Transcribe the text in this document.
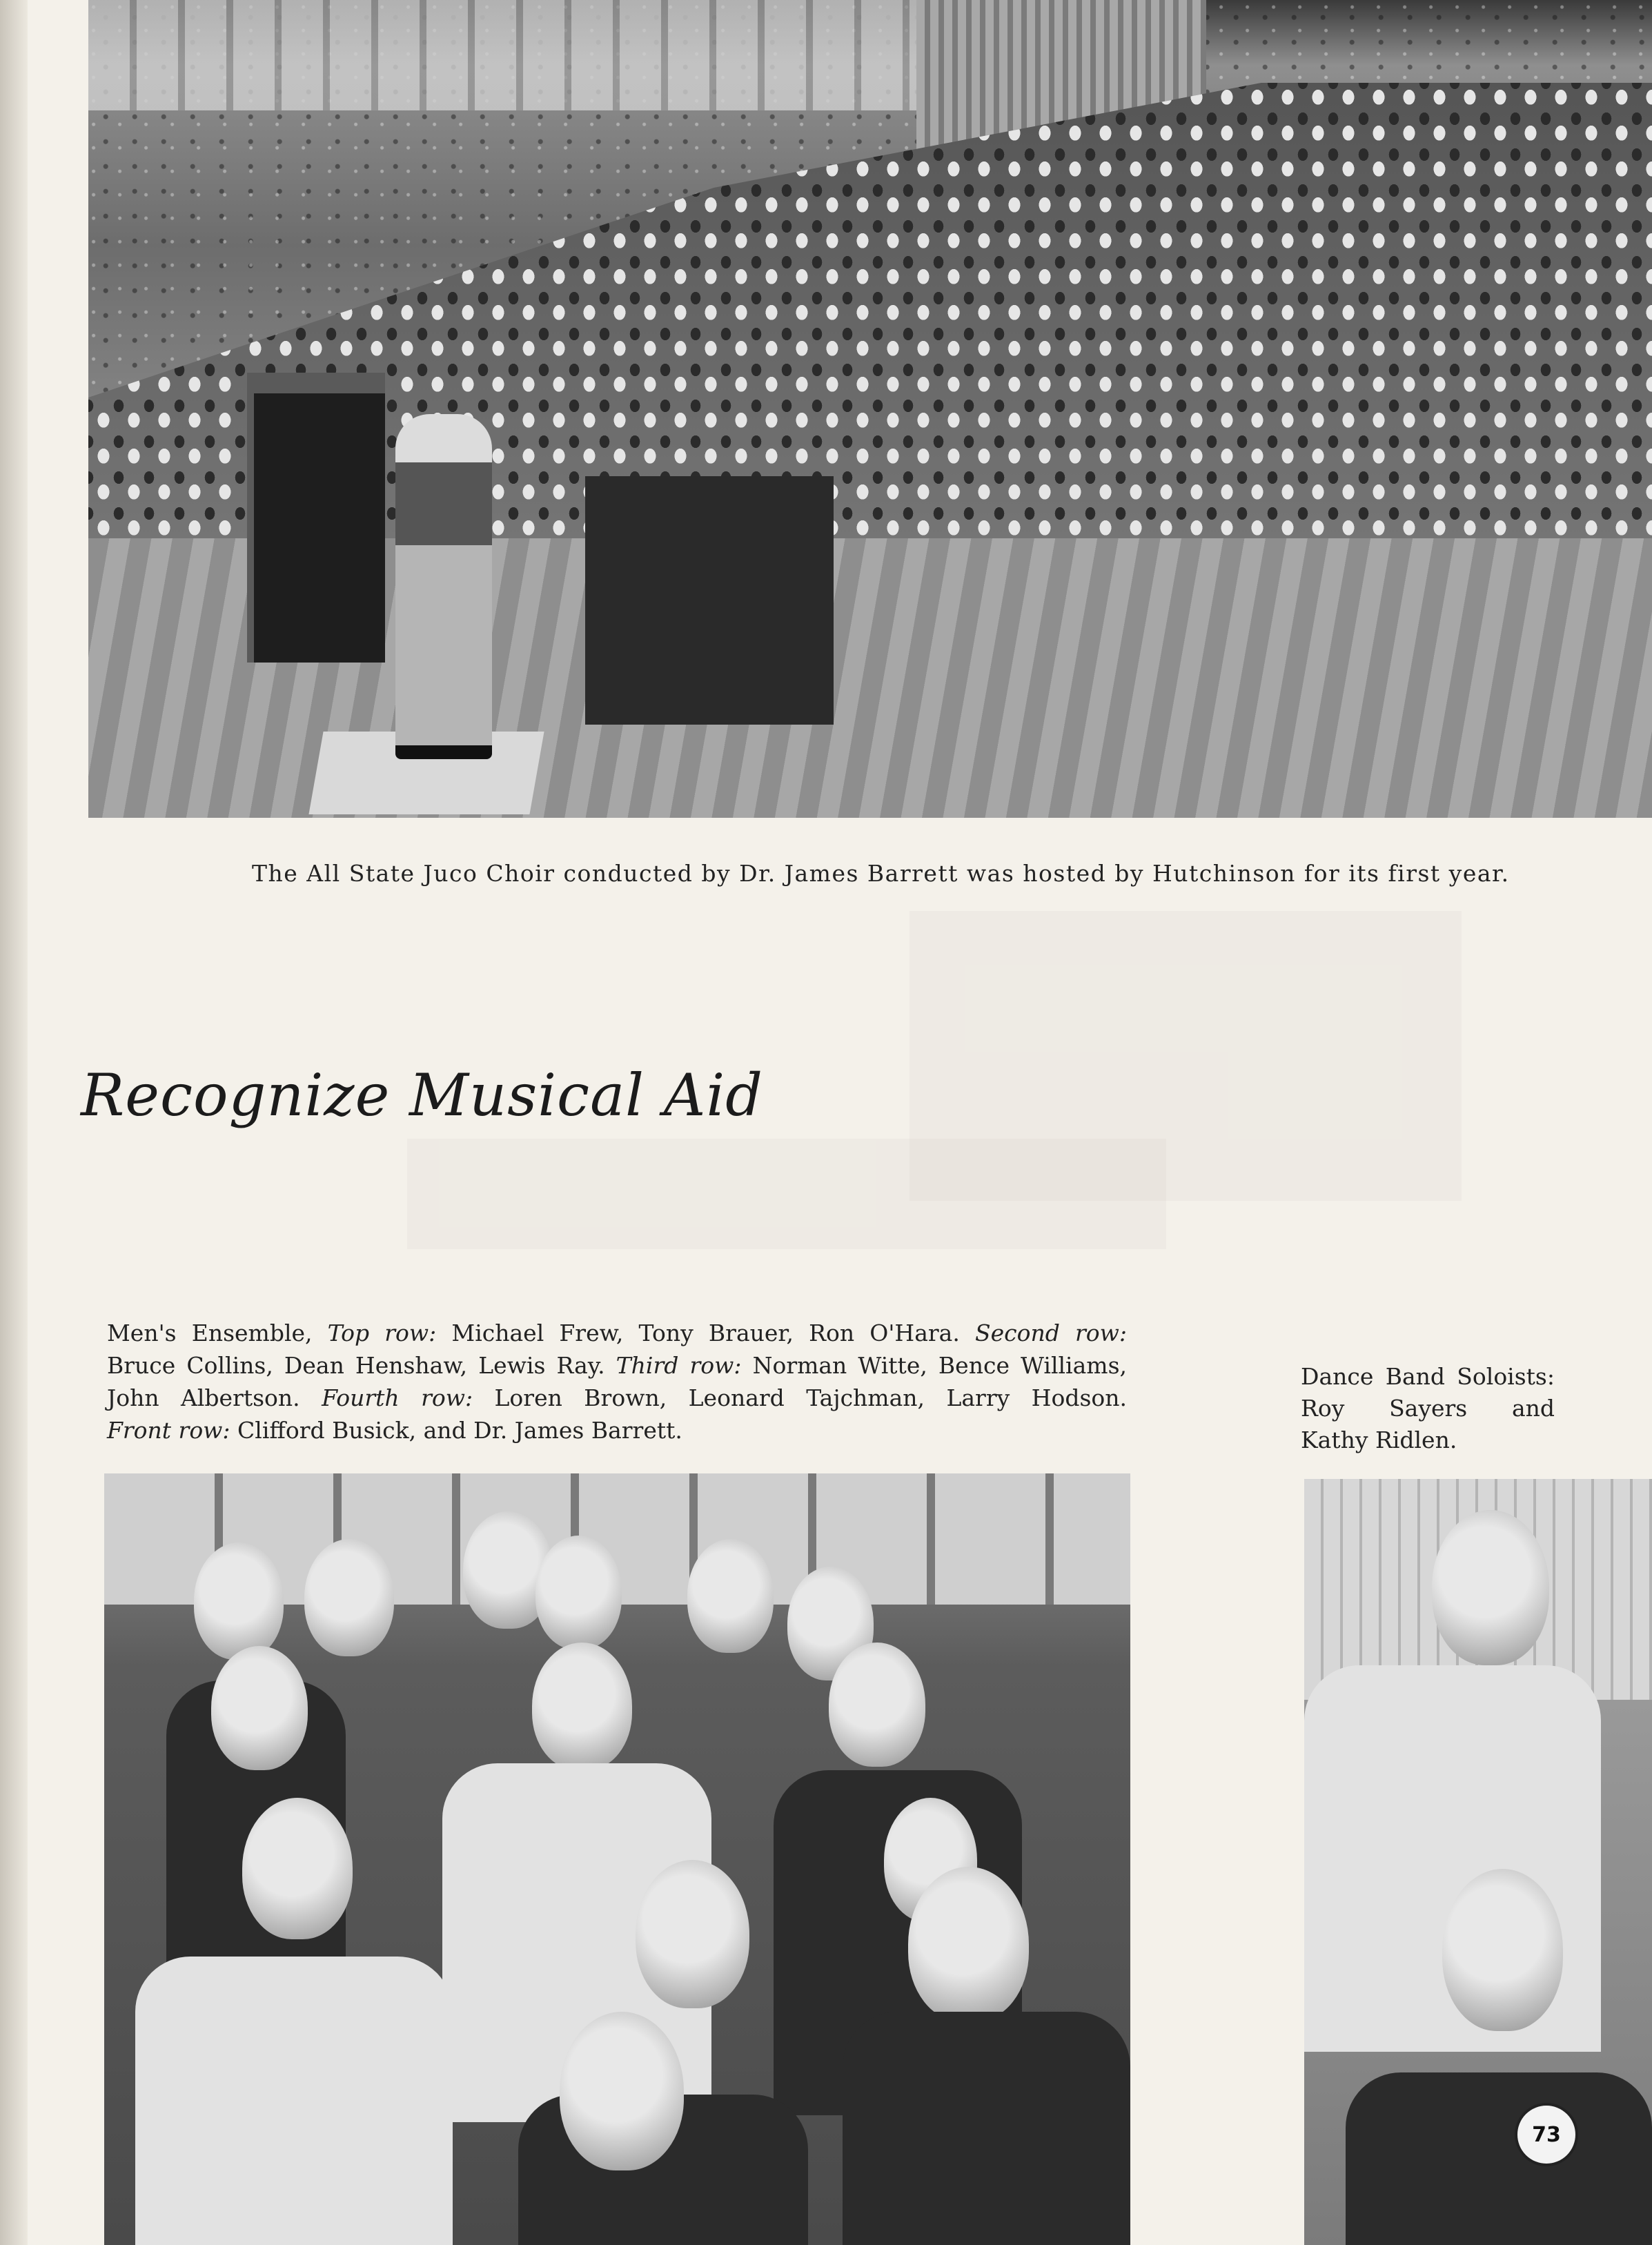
The All State Juco Choir conducted by Dr. James Barrett was hosted by Hutchinson for its first year.
Recognize Musical Aid
Men's Ensemble, Top row: Michael Frew, Tony Brauer, Ron O'Hara. Second row:
Bruce Collins, Dean Henshaw, Lewis Ray. Third row: Norman Witte, Bence Williams,
John Albertson. Fourth row: Loren Brown, Leonard Tajchman, Larry Hodson.
Front row: Clifford Busick, and Dr. James Barrett.
Dance Band Soloists:
Roy Sayers and
Kathy Ridlen.
73
